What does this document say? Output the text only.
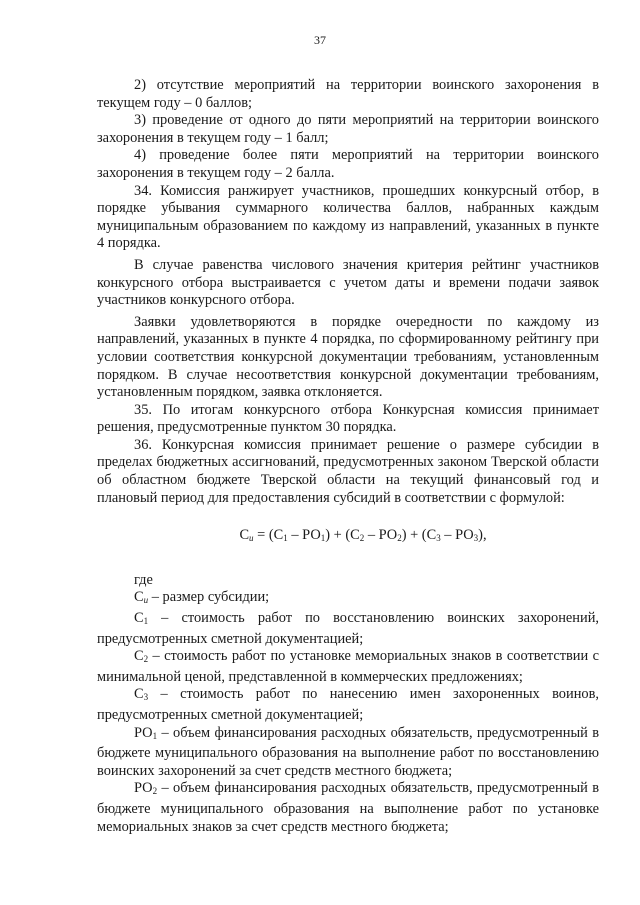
37

2) отсутствие мероприятий на территории воинского захоронения в текущем году – 0 баллов;

3) проведение от одного до пяти мероприятий на территории воинского захоронения в текущем году – 1 балл;

4) проведение более пяти мероприятий на территории воинского захоронения в текущем году – 2 балла.

34. Комиссия ранжирует участников, прошедших конкурсный отбор, в порядке убывания суммарного количества баллов, набранных каждым муниципальным образованием по каждому из направлений, указанных в пункте 4 порядка.

В случае равенства числового значения критерия рейтинг участников конкурсного отбора выстраивается с учетом даты и времени подачи заявок участников конкурсного отбора.

Заявки удовлетворяются в порядке очередности по каждому из направлений, указанных в пункте 4 порядка, по сформированному рейтингу при условии соответствия конкурсной документации требованиям, установленным порядком. В случае несоответствия конкурсной документации требованиям, установленным порядком, заявка отклоняется.

35. По итогам конкурсного отбора Конкурсная комиссия принимает решения, предусмотренные пунктом 30 порядка.

36. Конкурсная комиссия принимает решение о размере субсидии в пределах бюджетных ассигнований, предусмотренных законом Тверской области об областном бюджете Тверской области на текущий финансовый год и плановый период для предоставления субсидий в соответствии с формулой:

$С_и = (С_1 - РО_1) + (С_2 - РО_2) + (С_3 - РО_3)$,

где

$С_и$ – размер субсидии;

$С_1$ – стоимость работ по восстановлению воинских захоронений, предусмотренных сметной документацией;

$С_2$ – стоимость работ по установке мемориальных знаков в соответствии с минимальной ценой, представленной в коммерческих предложениях;

$С_3$ – стоимость работ по нанесению имен захороненных воинов, предусмотренных сметной документацией;

$РО_1$ – объем финансирования расходных обязательств, предусмотренный в бюджете муниципального образования на выполнение работ по восстановлению воинских захоронений за счет средств местного бюджета;

$РО_2$ – объем финансирования расходных обязательств, предусмотренный в бюджете муниципального образования на выполнение работ по установке мемориальных знаков за счет средств местного бюджета;
